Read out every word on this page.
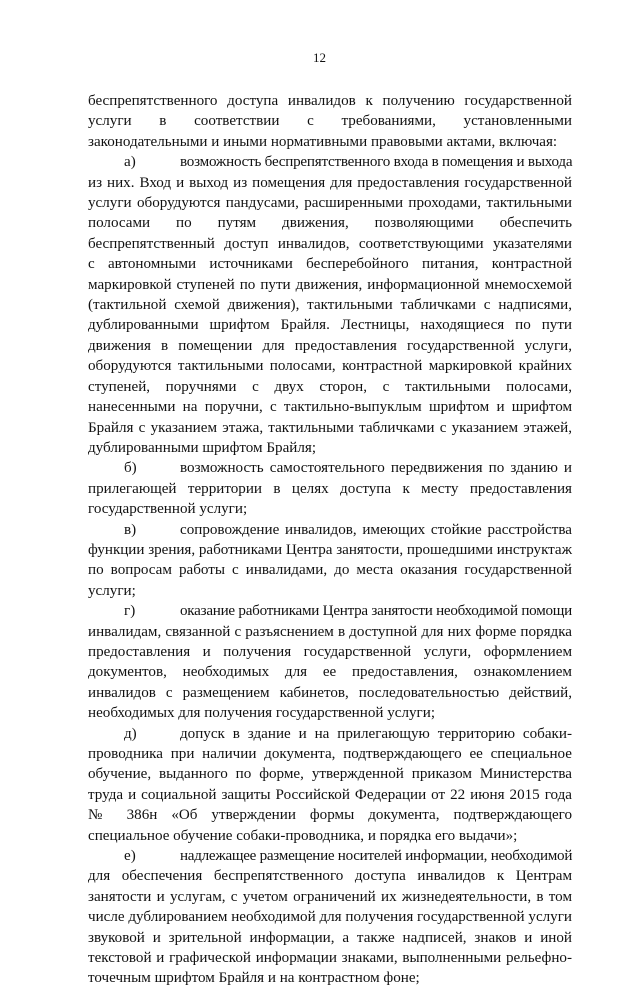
12
беспрепятственного доступа инвалидов к получению государственной
услуги в соответствии с требованиями, установленными
законодательными и иными нормативными правовыми актами, включая:
а)	возможность беспрепятственного входа в помещения и выхода
из них. Вход и выход из помещения для предоставления государственной
услуги оборудуются пандусами, расширенными проходами, тактильными
полосами по путям движения, позволяющими обеспечить
беспрепятственный доступ инвалидов, соответствующими указателями
с автономными источниками бесперебойного питания, контрастной
маркировкой ступеней по пути движения, информационной мнемосхемой
(тактильной схемой движения), тактильными табличками с надписями,
дублированными шрифтом Брайля. Лестницы, находящиеся по пути
движения в помещении для предоставления государственной услуги,
оборудуются тактильными полосами, контрастной маркировкой крайних
ступеней, поручнями с двух сторон, с тактильными полосами,
нанесенными на поручни, с тактильно-выпуклым шрифтом и шрифтом
Брайля с указанием этажа, тактильными табличками с указанием этажей,
дублированными шрифтом Брайля;
б)	возможность самостоятельного передвижения по зданию и
прилегающей территории в целях доступа к месту предоставления
государственной услуги;
в)	сопровождение инвалидов, имеющих стойкие расстройства
функции зрения, работниками Центра занятости, прошедшими инструктаж
по вопросам работы с инвалидами, до места оказания государственной
услуги;
г)	оказание работниками Центра занятости необходимой помощи
инвалидам, связанной с разъяснением в доступной для них форме порядка
предоставления и получения государственной услуги, оформлением
документов, необходимых для ее предоставления, ознакомлением
инвалидов с размещением кабинетов, последовательностью действий,
необходимых для получения государственной услуги;
д)	допуск в здание и на прилегающую территорию собаки-
проводника при наличии документа, подтверждающего ее специальное
обучение, выданного по форме, утвержденной приказом Министерства
труда и социальной защиты Российской Федерации от 22 июня 2015 года
№ 386н «Об утверждении формы документа, подтверждающего
специальное обучение собаки-проводника, и порядка его выдачи»;
е)	надлежащее размещение носителей информации, необходимой
для обеспечения беспрепятственного доступа инвалидов к Центрам
занятости и услугам, с учетом ограничений их жизнедеятельности, в том
числе дублированием необходимой для получения государственной услуги
звуковой и зрительной информации, а также надписей, знаков и иной
текстовой и графической информации знаками, выполненными рельефно-
точечным шрифтом Брайля и на контрастном фоне;
